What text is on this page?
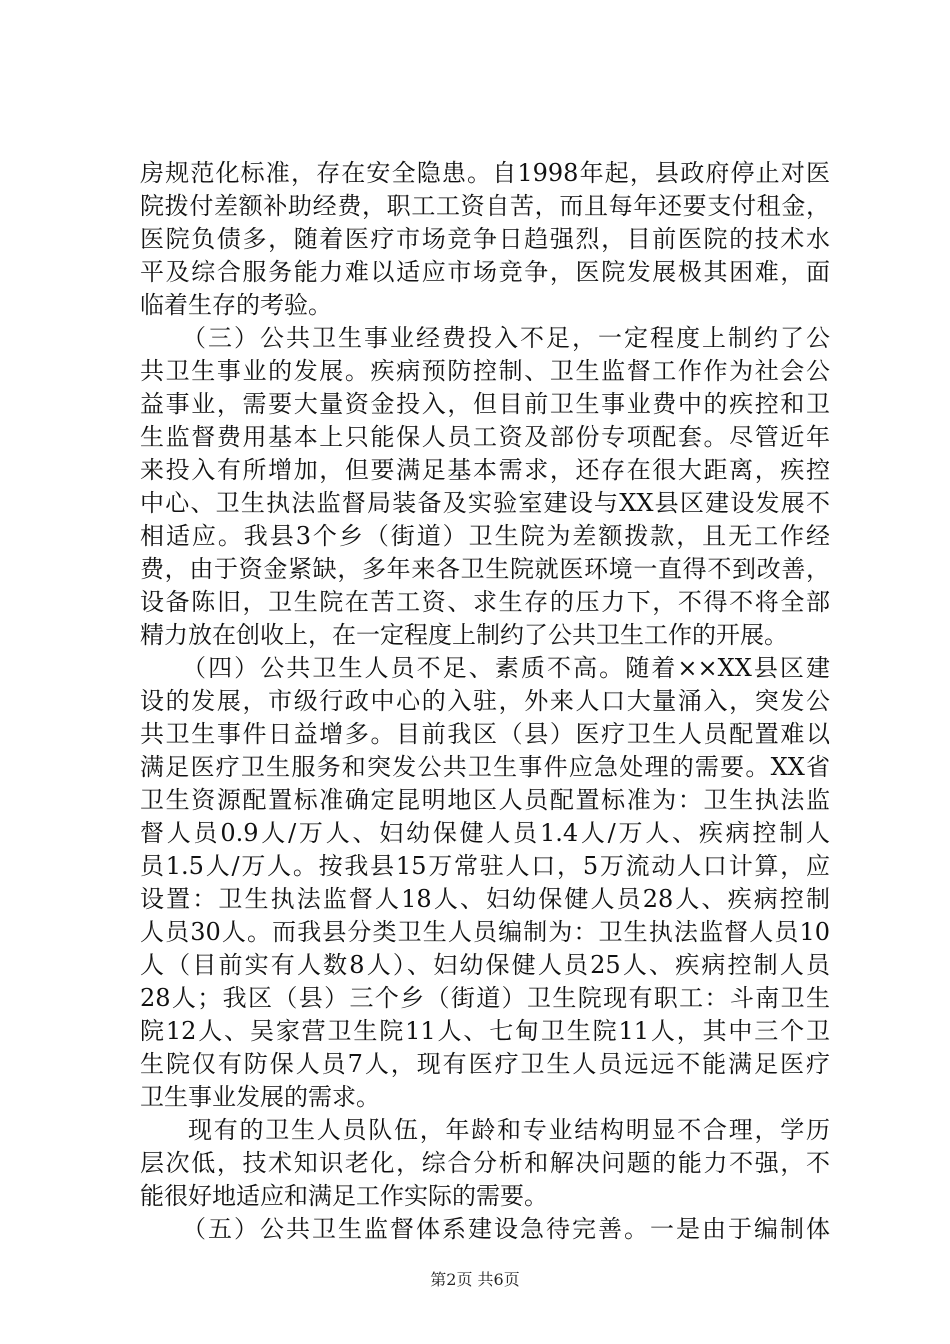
房规范化标准，存在安全隐患。自1998年起，县政府停止对医
院拨付差额补助经费，职工工资自苦，而且每年还要支付租金，
医院负债多，随着医疗市场竞争日趋强烈，目前医院的技术水
平及综合服务能力难以适应市场竞争，医院发展极其困难，面
临着生存的考验。
（三）公共卫生事业经费投入不足，一定程度上制约了公
共卫生事业的发展。疾病预防控制、卫生监督工作作为社会公
益事业，需要大量资金投入，但目前卫生事业费中的疾控和卫
生监督费用基本上只能保人员工资及部份专项配套。尽管近年
来投入有所增加，但要满足基本需求，还存在很大距离，疾控
中心、卫生执法监督局装备及实验室建设与XX县区建设发展不
相适应。我县3个乡（街道）卫生院为差额拨款，且无工作经
费，由于资金紧缺，多年来各卫生院就医环境一直得不到改善，
设备陈旧，卫生院在苦工资、求生存的压力下，不得不将全部
精力放在创收上，在一定程度上制约了公共卫生工作的开展。
（四）公共卫生人员不足、素质不高。随着××XX县区建
设的发展，市级行政中心的入驻，外来人口大量涌入，突发公
共卫生事件日益增多。目前我区（县）医疗卫生人员配置难以
满足医疗卫生服务和突发公共卫生事件应急处理的需要。XX省
卫生资源配置标准确定昆明地区人员配置标准为：卫生执法监
督人员0.9人/万人、妇幼保健人员1.4人/万人、疾病控制人
员1.5人/万人。按我县15万常驻人口，5万流动人口计算，应
设置：卫生执法监督人18人、妇幼保健人员28人、疾病控制
人员30人。而我县分类卫生人员编制为：卫生执法监督人员10
人（目前实有人数8人）、妇幼保健人员25人、疾病控制人员
28人；我区（县）三个乡（街道）卫生院现有职工：斗南卫生
院12人、吴家营卫生院11人、七甸卫生院11人，其中三个卫
生院仅有防保人员7人，现有医疗卫生人员远远不能满足医疗
卫生事业发展的需求。
现有的卫生人员队伍，年龄和专业结构明显不合理，学历
层次低，技术知识老化，综合分析和解决问题的能力不强，不
能很好地适应和满足工作实际的需要。
（五）公共卫生监督体系建设急待完善。一是由于编制体
第2页 共6页
